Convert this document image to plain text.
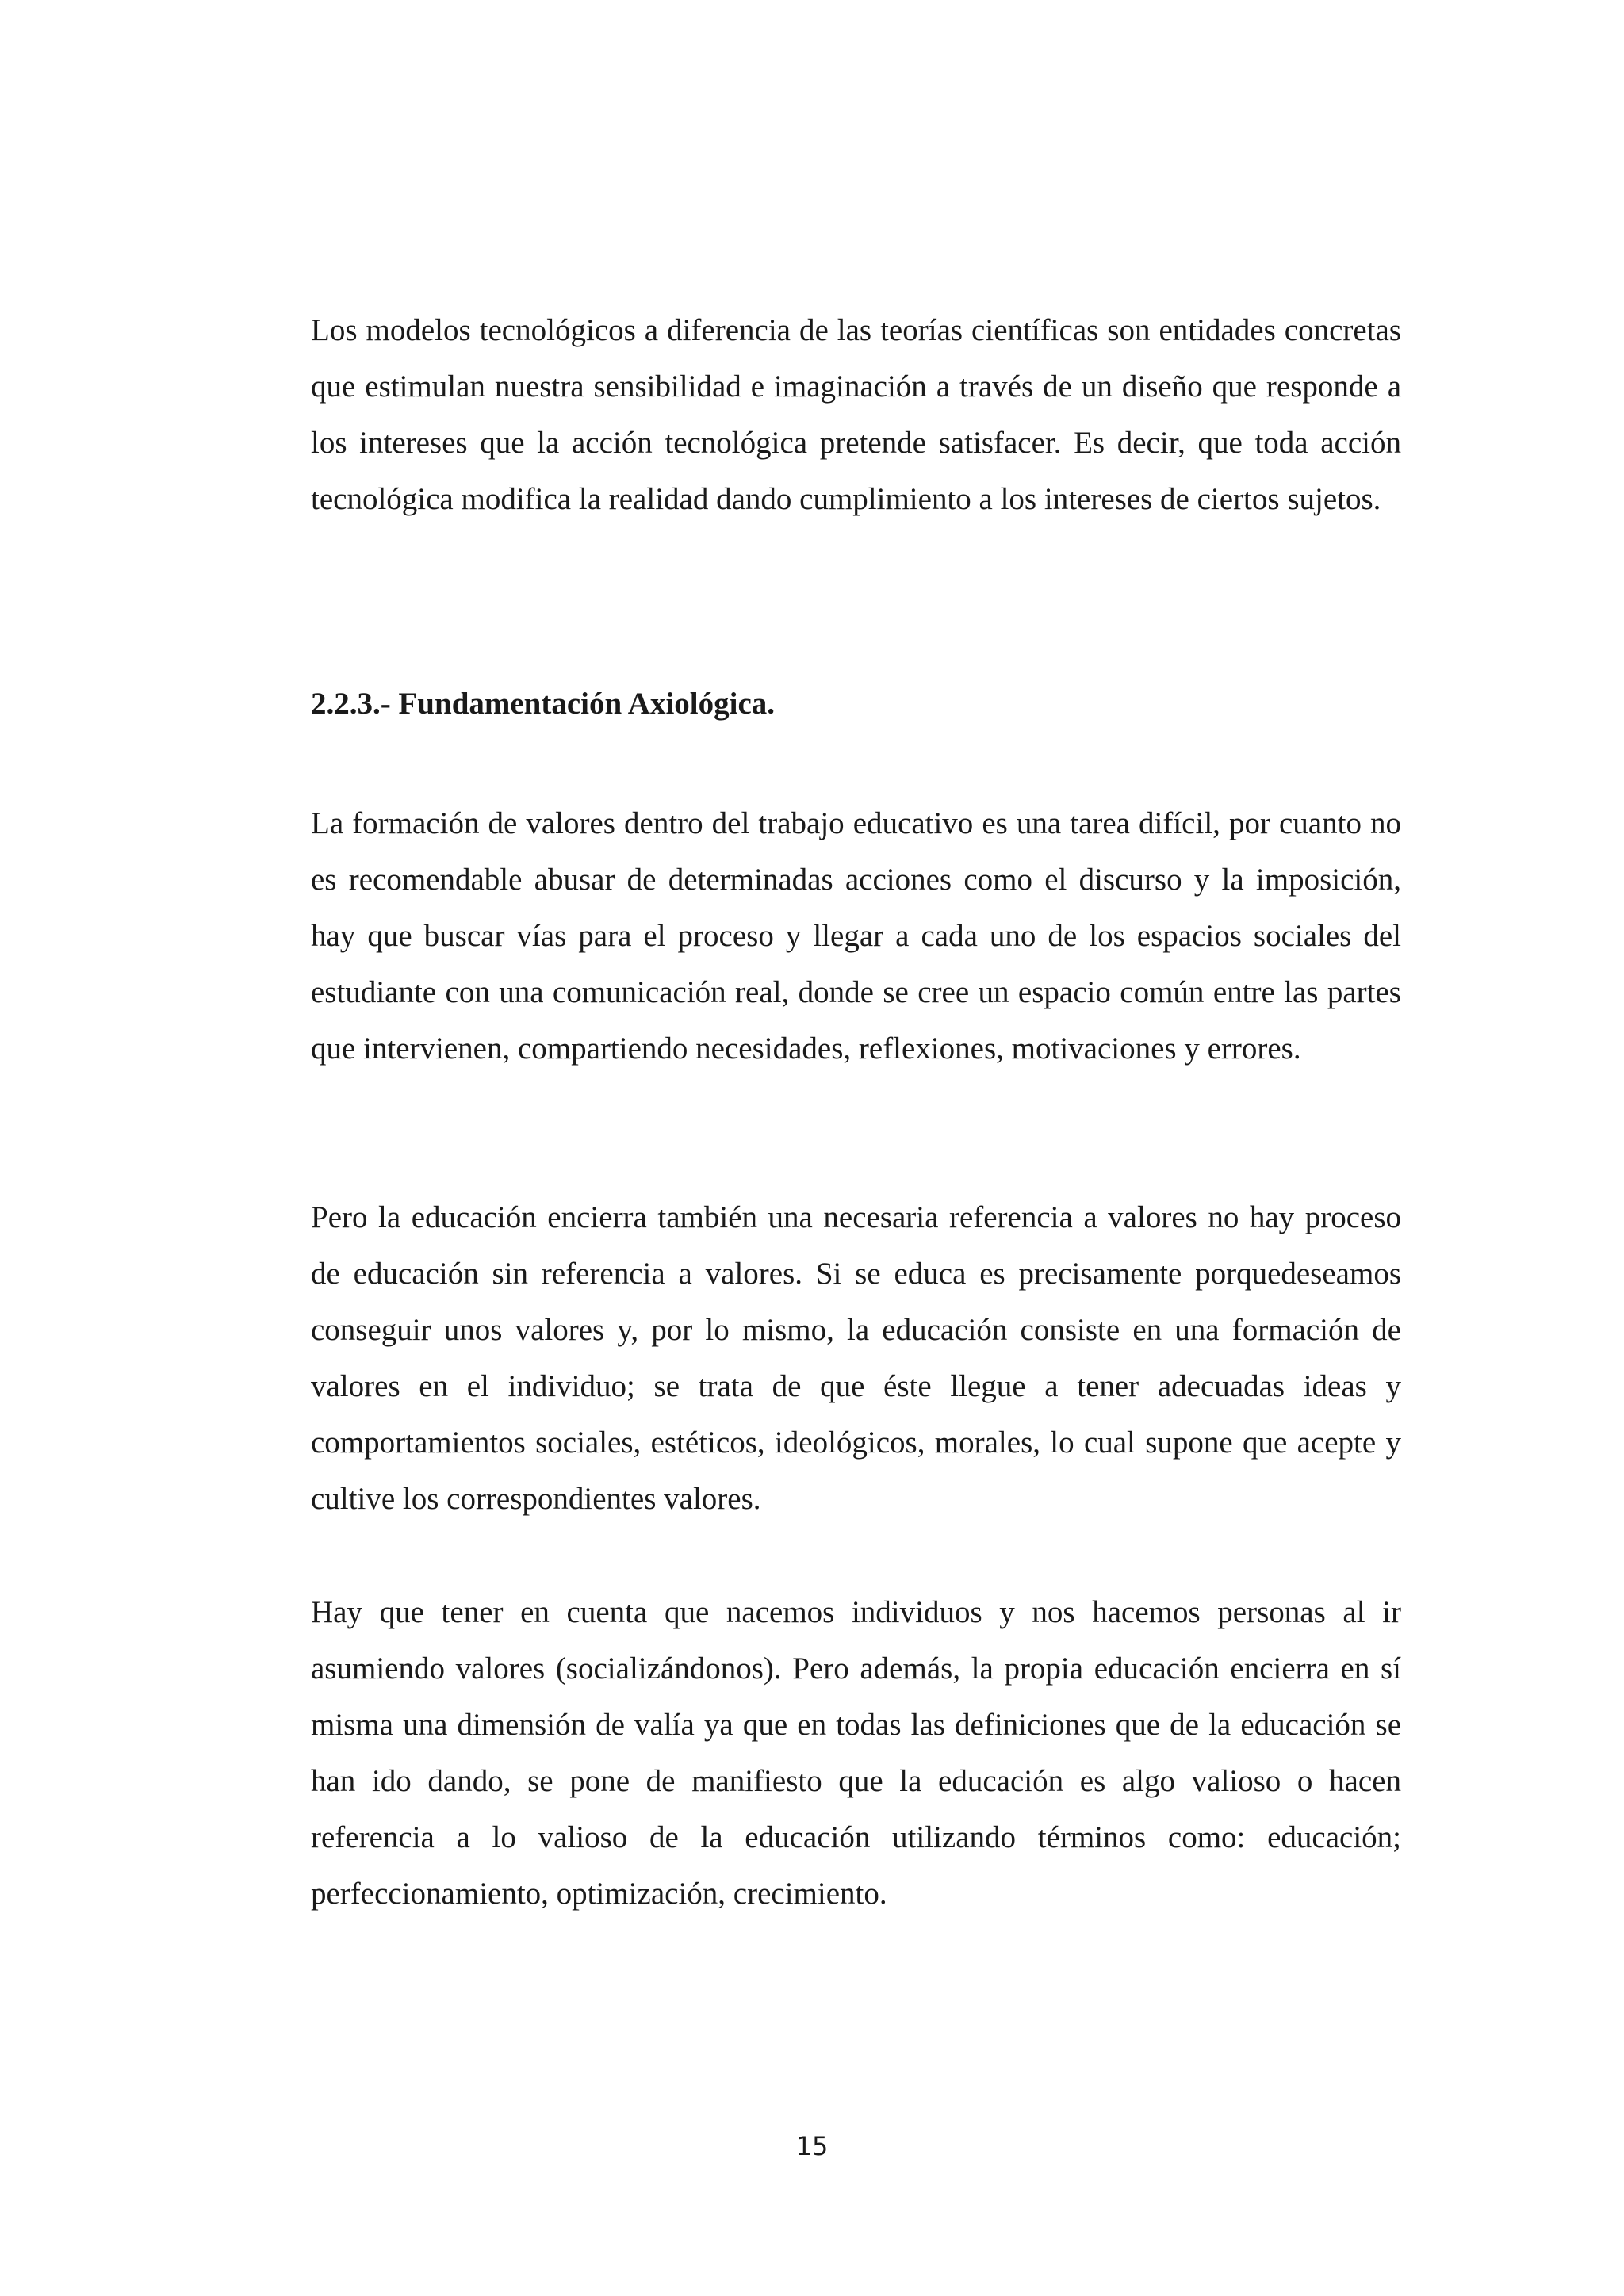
Los modelos tecnológicos a diferencia de las teorías científicas son entidades concretas que estimulan nuestra sensibilidad e imaginación a través de un diseño que responde a los intereses que la acción tecnológica pretende satisfacer. Es decir, que toda acción tecnológica modifica la realidad dando cumplimiento a los intereses de ciertos sujetos.

2.2.3.- Fundamentación Axiológica.

La formación de valores dentro del trabajo educativo es una tarea difícil, por cuanto no es recomendable abusar de determinadas acciones como el discurso y la imposición, hay que buscar vías para el proceso y llegar a cada uno de los espacios sociales del estudiante con una comunicación real, donde se cree un espacio común entre las partes que intervienen, compartiendo necesidades, reflexiones, motivaciones y errores.

Pero la educación encierra también una necesaria referencia a valores no hay proceso de educación sin referencia a valores. Si se educa es precisamente porquedeseamos conseguir unos valores y, por lo mismo, la educación consiste en una formación de valores en el individuo; se trata de que éste llegue a tener adecuadas ideas y comportamientos sociales, estéticos, ideológicos, morales, lo cual supone que acepte y cultive los correspondientes valores.

Hay que tener en cuenta que nacemos individuos y nos hacemos personas al ir asumiendo valores (socializándonos). Pero además, la propia educación encierra en sí misma una dimensión de valía ya que en todas las definiciones que de la educación se han ido dando, se pone de manifiesto que la educación es algo valioso o hacen referencia a lo valioso de la educación utilizando términos como: educación; perfeccionamiento, optimización, crecimiento.

15
